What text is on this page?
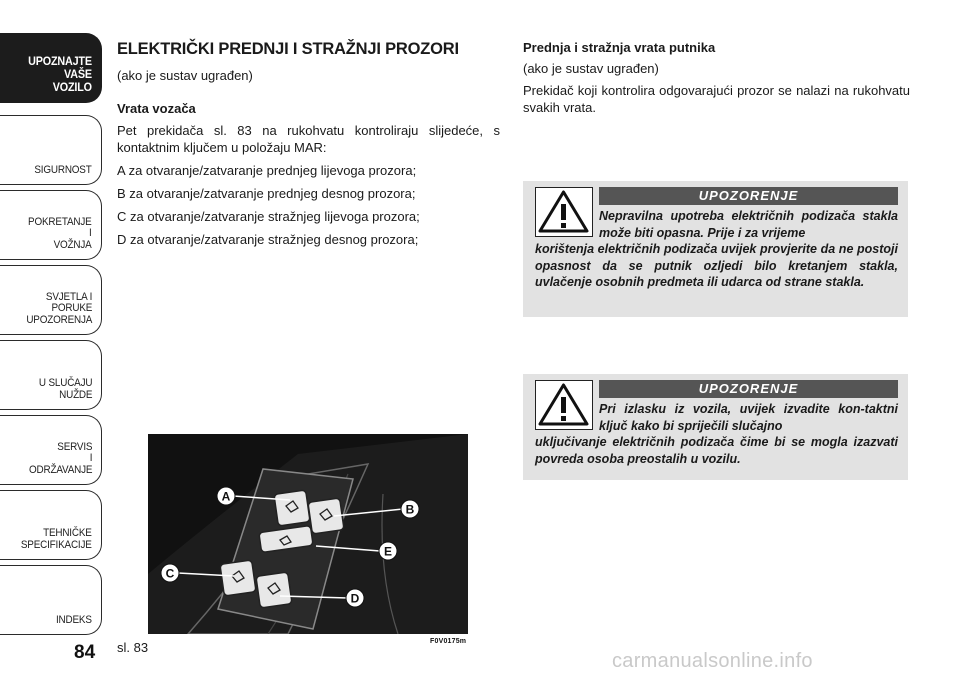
UPOZNAJTE
VAŠE
VOZILO
SIGURNOST
POKRETANJE
I
VOŽNJA
SVJETLA I
PORUKE
UPOZORENJA
U SLUČAJU
NUŽDE
SERVIS
I
ODRŽAVANJE
TEHNIČKE
SPECIFIKACIJE
INDEKS
84
ELEKTRIČKI PREDNJI I STRAŽNJI PROZORI

(ako je sustav ugrađen)

Vrata vozača

Pet prekidača sl. 83 na rukohvatu kontroliraju slijedeće, s kontaktnim ključem u položaju MAR:

A za otvaranje/zatvaranje prednjeg lijevoga prozora;

B za otvaranje/zatvaranje prednjeg desnog prozora;

C za otvaranje/zatvaranje stražnjeg lijevoga prozora;

D za otvaranje/zatvaranje stražnjeg desnog prozora;

Prednja i stražnja vrata putnika

(ako je sustav ugrađen)

Prekidač koji kontrolira odgovarajući prozor se nalazi na rukohvatu svakih vrata.

UPOZORENJE
Nepravilna upotreba električnih podizača stakla može biti opasna. Prije i za vrijeme
korištenja električnih podizača uvijek provjerite da ne postoji opasnost da se putnik ozljedi bilo kretanjem stakla, uvlačenje osobnih predmeta ili udarca od strane stakla.
UPOZORENJE
Pri izlasku iz vozila, uvijek izvadite kon-taktni ključ kako bi spriječili slučajno
uključivanje električnih podizača čime bi se mogla izazvati povreda osoba preostalih u vozilu.
A
B
C
D
E
F0V0175m
sl. 83
carmanualsonline.info
